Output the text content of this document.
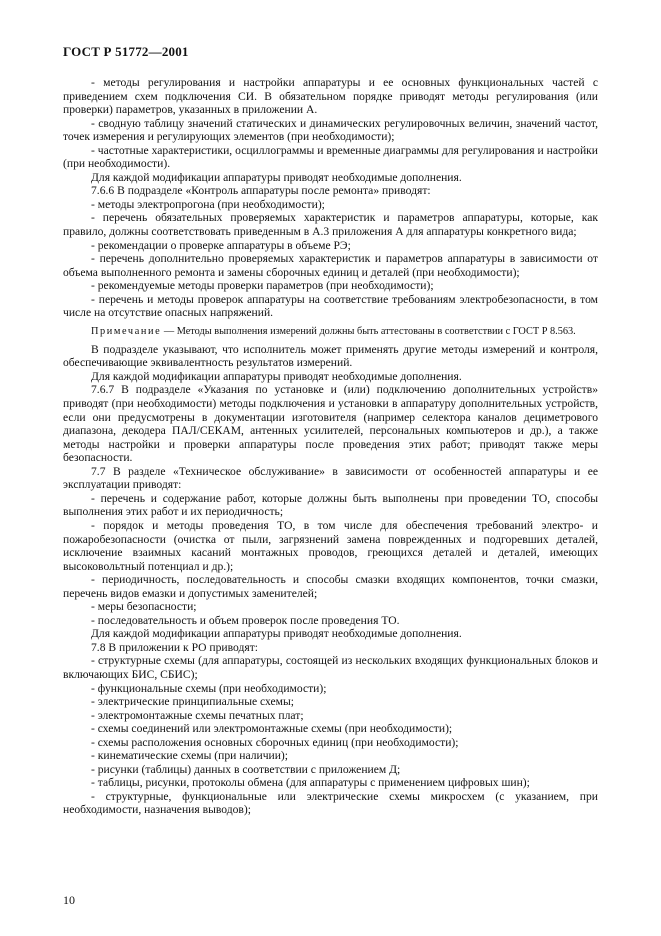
ГОСТ Р 51772—2001

- методы регулирования и настройки аппаратуры и ее основных функциональных частей с приведением схем подключения СИ. В обязательном порядке приводят методы регулирования (или проверки) параметров, указанных в приложении А.

- сводную таблицу значений статических и динамических регулировочных величин, значений частот, точек измерения и регулирующих элементов (при необходимости);

- частотные характеристики, осциллограммы и временные диаграммы для регулирования и настройки (при необходимости).

Для каждой модификации аппаратуры приводят необходимые дополнения.

7.6.6 В подразделе «Контроль аппаратуры после ремонта» приводят:

- методы электропрогона (при необходимости);

- перечень обязательных проверяемых характеристик и параметров аппаратуры, которые, как правило, должны соответствовать приведенным в А.3 приложения А для аппаратуры конкретного вида;

- рекомендации о проверке аппаратуры в объеме РЭ;

- перечень дополнительно проверяемых характеристик и параметров аппаратуры в зависимости от объема выполненного ремонта и замены сборочных единиц и деталей (при необходимости);

- рекомендуемые методы проверки параметров (при необходимости);

- перечень и методы проверок аппаратуры на соответствие требованиям электробезопасности, в том числе на отсутствие опасных напряжений.

Примечание — Методы выполнения измерений должны быть аттестованы в соответствии с ГОСТ Р 8.563.

В подразделе указывают, что исполнитель может применять другие методы измерений и контроля, обеспечивающие эквивалентность результатов измерений.

Для каждой модификации аппаратуры приводят необходимые дополнения.

7.6.7 В подразделе «Указания по установке и (или) подключению дополнительных устройств» приводят (при необходимости) методы подключения и установки в аппаратуру дополнительных устройств, если они предусмотрены в документации изготовителя (например селектора каналов дециметрового диапазона, декодера ПАЛ/СЕКАМ, антенных усилителей, персональных компьютеров и др.), а также методы настройки и проверки аппаратуры после проведения этих работ; приводят также меры безопасности.

7.7 В разделе «Техническое обслуживание» в зависимости от особенностей аппаратуры и ее эксплуатации приводят:

- перечень и содержание работ, которые должны быть выполнены при проведении ТО, способы выполнения этих работ и их периодичность;

- порядок и методы проведения ТО, в том числе для обеспечения требований электро- и пожаробезопасности (очистка от пыли, загрязнений замена поврежденных и подгоревших деталей, исключение взаимных касаний монтажных проводов, греющихся деталей и деталей, имеющих высоковольтный потенциал и др.);

- периодичность, последовательность и способы смазки входящих компонентов, точки смазки, перечень видов емазки и допустимых заменителей;

- меры безопасности;

- последовательность и объем проверок после проведения ТО.

Для каждой модификации аппаратуры приводят необходимые дополнения.

7.8 В приложении к РО приводят:

- структурные схемы (для аппаратуры, состоящей из нескольких входящих функциональных блоков и включающих БИС, СБИС);

- функциональные схемы (при необходимости);

- электрические принципиальные схемы;

- электромонтажные схемы печатных плат;

- схемы соединений или электромонтажные схемы (при необходимости);

- схемы расположения основных сборочных единиц (при необходимости);

- кинематические схемы (при наличии);

- рисунки (таблицы) данных в соответствии с приложением Д;

- таблицы, рисунки, протоколы обмена (для аппаратуры с применением цифровых шин);

- структурные, функциональные или электрические схемы микросхем (с указанием, при необходимости, назначения выводов);

10
